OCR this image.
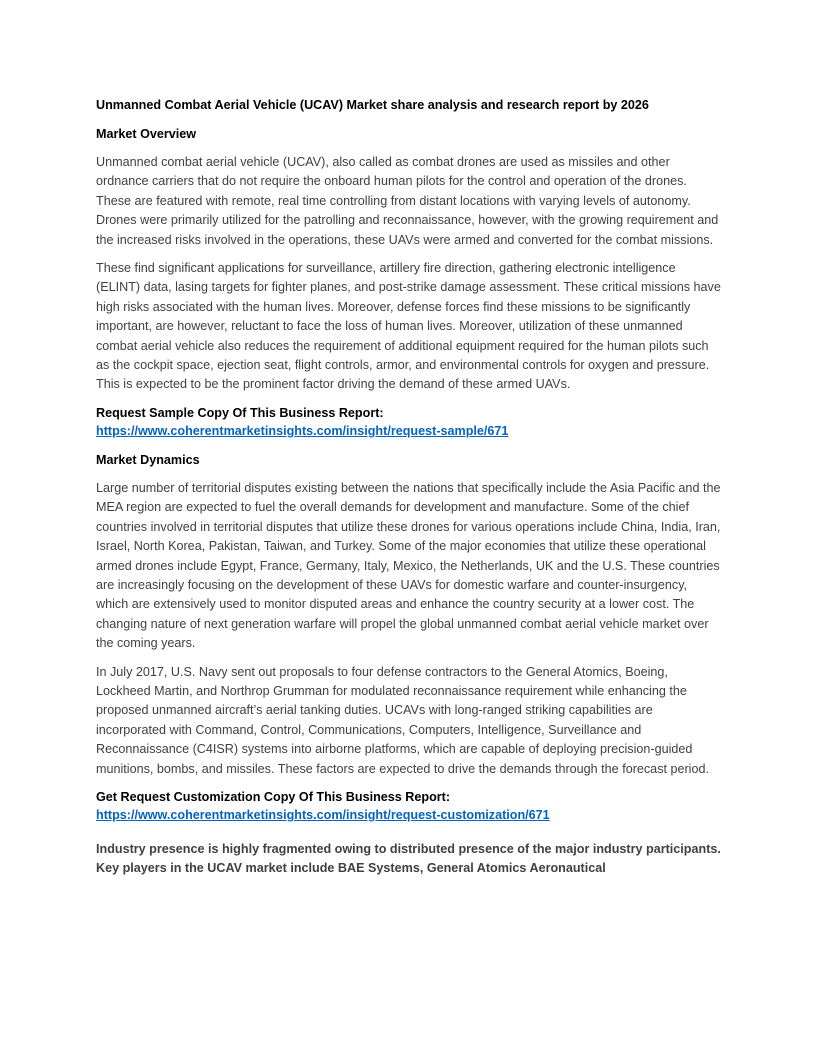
Unmanned Combat Aerial Vehicle (UCAV) Market share analysis and research report by 2026
Market Overview

Unmanned combat aerial vehicle (UCAV), also called as combat drones are used as missiles and other ordnance carriers that do not require the onboard human pilots for the control and operation of the drones. These are featured with remote, real time controlling from distant locations with varying levels of autonomy. Drones were primarily utilized for the patrolling and reconnaissance, however, with the growing requirement and the increased risks involved in the operations, these UAVs were armed and converted for the combat missions.

These find significant applications for surveillance, artillery fire direction, gathering electronic intelligence (ELINT) data, lasing targets for fighter planes, and post-strike damage assessment. These critical missions have high risks associated with the human lives. Moreover, defense forces find these missions to be significantly important, are however, reluctant to face the loss of human lives. Moreover, utilization of these unmanned combat aerial vehicle also reduces the requirement of additional equipment required for the human pilots such as the cockpit space, ejection seat, flight controls, armor, and environmental controls for oxygen and pressure. This is expected to be the prominent factor driving the demand of these armed UAVs.

Request Sample Copy Of This Business Report:
https://www.coherentmarketinsights.com/insight/request-sample/671
Market Dynamics

Large number of territorial disputes existing between the nations that specifically include the Asia Pacific and the MEA region are expected to fuel the overall demands for development and manufacture. Some of the chief countries involved in territorial disputes that utilize these drones for various operations include China, India, Iran, Israel, North Korea, Pakistan, Taiwan, and Turkey. Some of the major economies that utilize these operational armed drones include Egypt, France, Germany, Italy, Mexico, the Netherlands, UK and the U.S. These countries are increasingly focusing on the development of these UAVs for domestic warfare and counter-insurgency, which are extensively used to monitor disputed areas and enhance the country security at a lower cost. The changing nature of next generation warfare will propel the global unmanned combat aerial vehicle market over the coming years.

In July 2017, U.S. Navy sent out proposals to four defense contractors to the General Atomics, Boeing, Lockheed Martin, and Northrop Grumman for modulated reconnaissance requirement while enhancing the proposed unmanned aircraft’s aerial tanking duties. UCAVs with long-ranged striking capabilities are incorporated with Command, Control, Communications, Computers, Intelligence, Surveillance and Reconnaissance (C4ISR) systems into airborne platforms, which are capable of deploying precision-guided munitions, bombs, and missiles. These factors are expected to drive the demands through the forecast period.

Get Request Customization Copy Of This Business Report:
https://www.coherentmarketinsights.com/insight/request-customization/671

Industry presence is highly fragmented owing to distributed presence of the major industry participants. Key players in the UCAV market include BAE Systems, General Atomics Aeronautical
